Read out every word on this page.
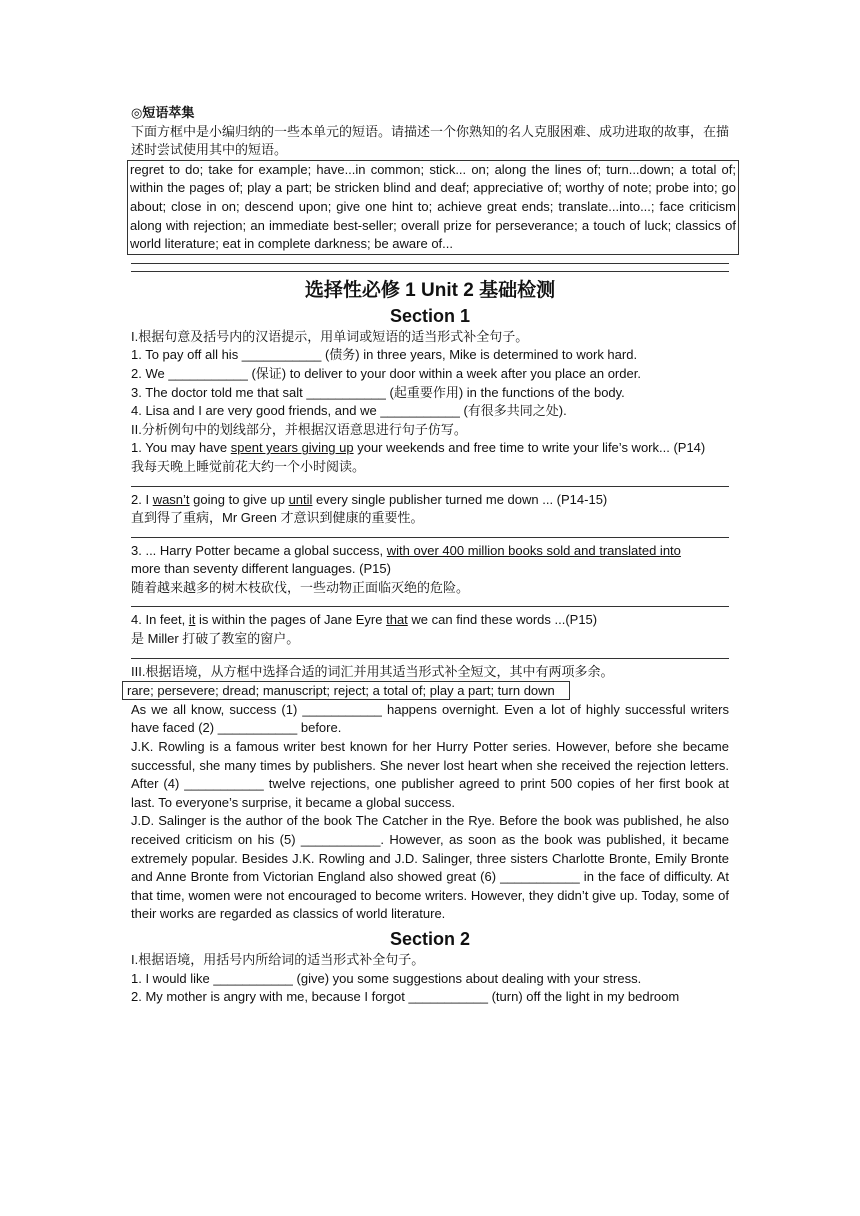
◎短语萃集
下面方框中是小编归纳的一些本单元的短语。请描述一个你熟知的名人克服困难、成功进取的故事，在描述时尝试使用其中的短语。
regret to do; take for example; have...in common; stick... on; along the lines of; turn...down; a total of; within the pages of; play a part; be stricken blind and deaf; appreciative of; worthy of note; probe into; go about; close in on; descend upon; give one hint to; achieve great ends; translate...into...; face criticism along with rejection; an immediate best-seller; overall prize for perseverance; a touch of luck; classics of world literature; eat in complete darkness; be aware of...
选择性必修 1 Unit 2 基础检测
Section 1
I.根据句意及括号内的汉语提示，用单词或短语的适当形式补全句子。
1. To pay off all his ___________ (债务) in three years, Mike is determined to work hard.
2. We ___________ (保证) to deliver to your door within a week after you place an order.
3. The doctor told me that salt ___________ (起重要作用) in the functions of the body.
4. Lisa and I are very good friends, and we ___________ (有很多共同之处).
II.分析例句中的划线部分，并根据汉语意思进行句子仿写。
1. You may have spent years giving up your weekends and free time to write your life’s work... (P14)
我每天晚上睡觉前花大约一个小时阅读。
2. I wasn’t going to give up until every single publisher turned me down ... (P14-15)
直到得了重病，Mr Green 才意识到健康的重要性。
3. ... Harry Potter became a global success, with over 400 million books sold and translated into
more than seventy different languages. (P15)
随着越来越多的树木枝砍伐，一些动物正面临灭绝的危险。
4. In feet, it is within the pages of Jane Eyre that we can find these words ...(P15)
是 Miller 打破了教室的窗户。
III.根据语境，从方框中选择合适的词汇并用其适当形式补全短文，其中有两项多余。
rare; persevere; dread; manuscript; reject; a total of; play a part; turn down
As we all know, success (1) ___________ happens overnight. Even a lot of highly successful writers have faced (2) ___________ before.
J.K. Rowling is a famous writer best known for her Hurry Potter series. However, before she became successful, she many times by publishers. She never lost heart when she received the rejection letters. After (4) ___________ twelve rejections, one publisher agreed to print 500 copies of her first book at last. To everyone’s surprise, it became a global success.
J.D. Salinger is the author of the book The Catcher in the Rye. Before the book was published, he also received criticism on his (5) ___________. However, as soon as the book was published, it became extremely popular. Besides J.K. Rowling and J.D. Salinger, three sisters Charlotte Bronte, Emily Bronte and Anne Bronte from Victorian England also showed great (6) ___________ in the face of difficulty. At that time, women were not encouraged to become writers. However, they didn’t give up. Today, some of their works are regarded as classics of world literature.
Section 2
I.根据语境，用括号内所给词的适当形式补全句子。
1. I would like ___________ (give) you some suggestions about dealing with your stress.
2. My mother is angry with me, because I forgot ___________ (turn) off the light in my bedroom
